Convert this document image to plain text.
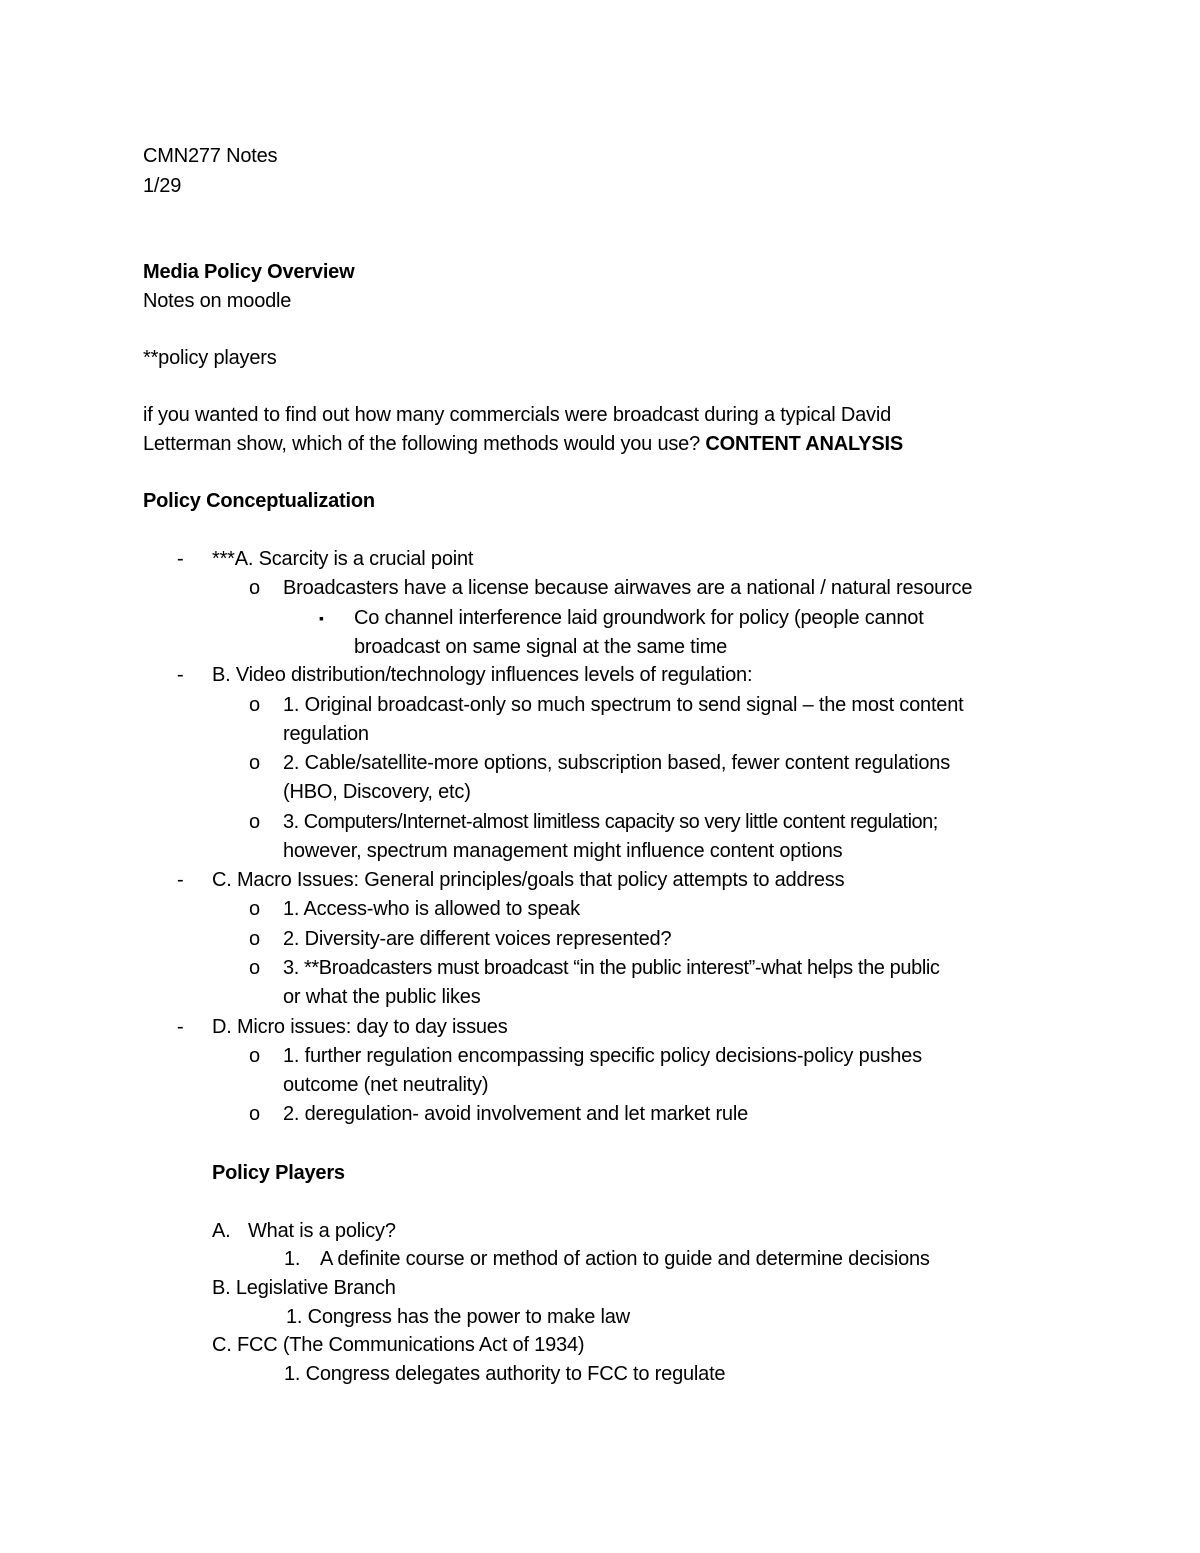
CMN277 Notes
1/29
Media Policy Overview
Notes on moodle
**policy players
if you wanted to find out how many commercials were broadcast during a typical David
Letterman show, which of the following methods would you use? CONTENT ANALYSIS
Policy Conceptualization
- ***A. Scarcity is a crucial point
o Broadcasters have a license because airwaves are a national / natural resource
▪ Co channel interference laid groundwork for policy (people cannot
broadcast on same signal at the same time
- B. Video distribution/technology influences levels of regulation:
o 1. Original broadcast-only so much spectrum to send signal – the most content
regulation
o 2. Cable/satellite-more options, subscription based, fewer content regulations
(HBO, Discovery, etc)
o 3. Computers/Internet-almost limitless capacity so very little content regulation;
however, spectrum management might influence content options
- C. Macro Issues: General principles/goals that policy attempts to address
o 1. Access-who is allowed to speak
o 2. Diversity-are different voices represented?
o 3. **Broadcasters must broadcast “in the public interest”-what helps the public
or what the public likes
- D. Micro issues: day to day issues
o 1. further regulation encompassing specific policy decisions-policy pushes
outcome (net neutrality)
o 2. deregulation- avoid involvement and let market rule
Policy Players
A. What is a policy?
1. A definite course or method of action to guide and determine decisions
B. Legislative Branch
1. Congress has the power to make law
C. FCC (The Communications Act of 1934)
1. Congress delegates authority to FCC to regulate
